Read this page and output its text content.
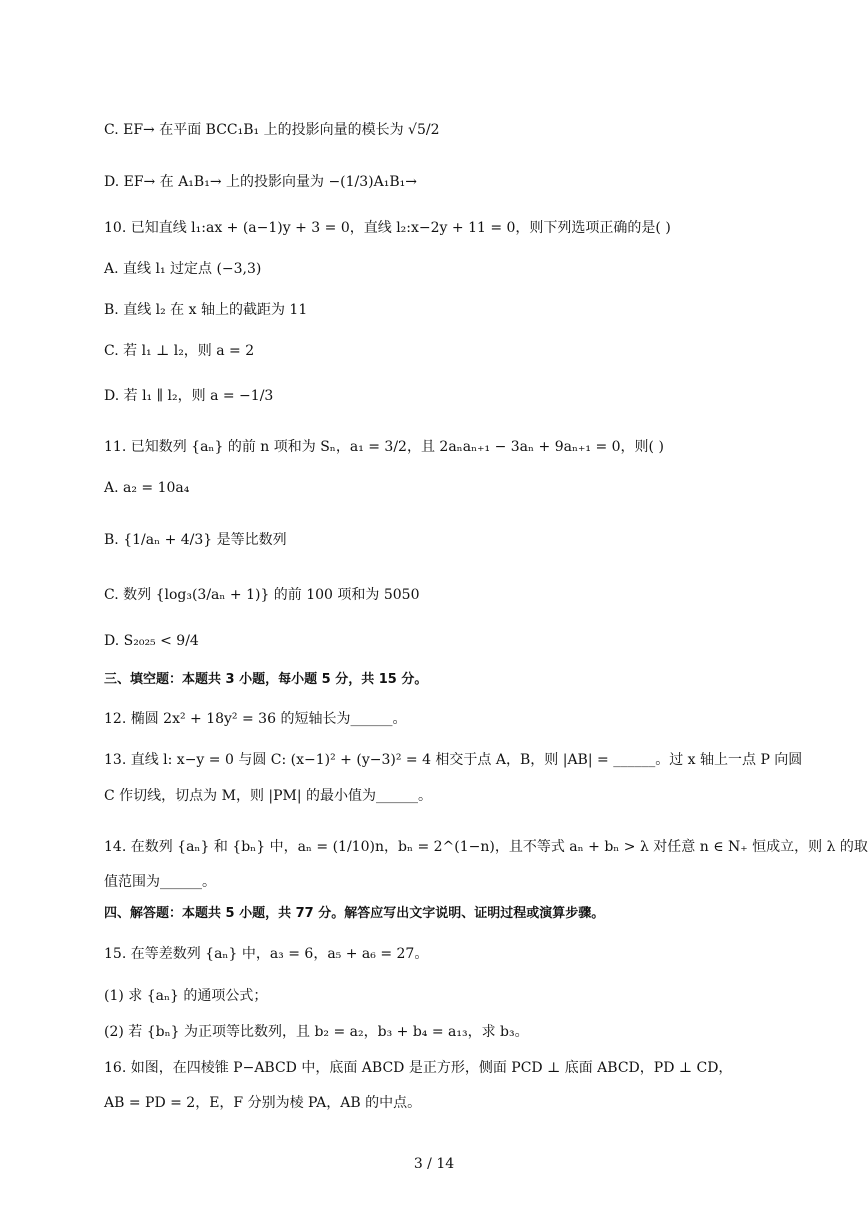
C. EF→ 在平面 BCC₁B₁ 上的投影向量的模长为 √5/2
D. EF→ 在 A₁B₁→ 上的投影向量为 −(1/3)A₁B₁→
10. 已知直线 l₁:ax + (a−1)y + 3 = 0，直线 l₂:x−2y + 11 = 0，则下列选项正确的是( )
A. 直线 l₁ 过定点 (−3,3)
B. 直线 l₂ 在 x 轴上的截距为 11
C. 若 l₁ ⊥ l₂，则 a = 2
D. 若 l₁ ∥ l₂，则 a = −1/3
11. 已知数列 {aₙ} 的前 n 项和为 Sₙ，a₁ = 3/2，且 2aₙaₙ₊₁ − 3aₙ + 9aₙ₊₁ = 0，则( )
A. a₂ = 10a₄
B. {1/aₙ + 4/3} 是等比数列
C. 数列 {log₃(3/aₙ + 1)} 的前 100 项和为 5050
D. S₂₀₂₅ < 9/4
三、填空题：本题共 3 小题，每小题 5 分，共 15 分。
12. 椭圆 2x² + 18y² = 36 的短轴长为______。
13. 直线 l: x−y = 0 与圆 C: (x−1)² + (y−3)² = 4 相交于点 A，B，则 |AB| = ______。过 x 轴上一点 P 向圆
C 作切线，切点为 M，则 |PM| 的最小值为______。
14. 在数列 {aₙ} 和 {bₙ} 中，aₙ = (1/10)n，bₙ = 2^(1−n)，且不等式 aₙ + bₙ > λ 对任意 n ∈ N₊ 恒成立，则 λ 的取
值范围为______。
四、解答题：本题共 5 小题，共 77 分。解答应写出文字说明、证明过程或演算步骤。
15. 在等差数列 {aₙ} 中，a₃ = 6，a₅ + a₆ = 27。
(1) 求 {aₙ} 的通项公式；
(2) 若 {bₙ} 为正项等比数列，且 b₂ = a₂，b₃ + b₄ = a₁₃，求 b₃。
16. 如图，在四棱锥 P−ABCD 中，底面 ABCD 是正方形，侧面 PCD ⊥ 底面 ABCD，PD ⊥ CD，
AB = PD = 2，E，F 分别为棱 PA，AB 的中点。
3 / 14
